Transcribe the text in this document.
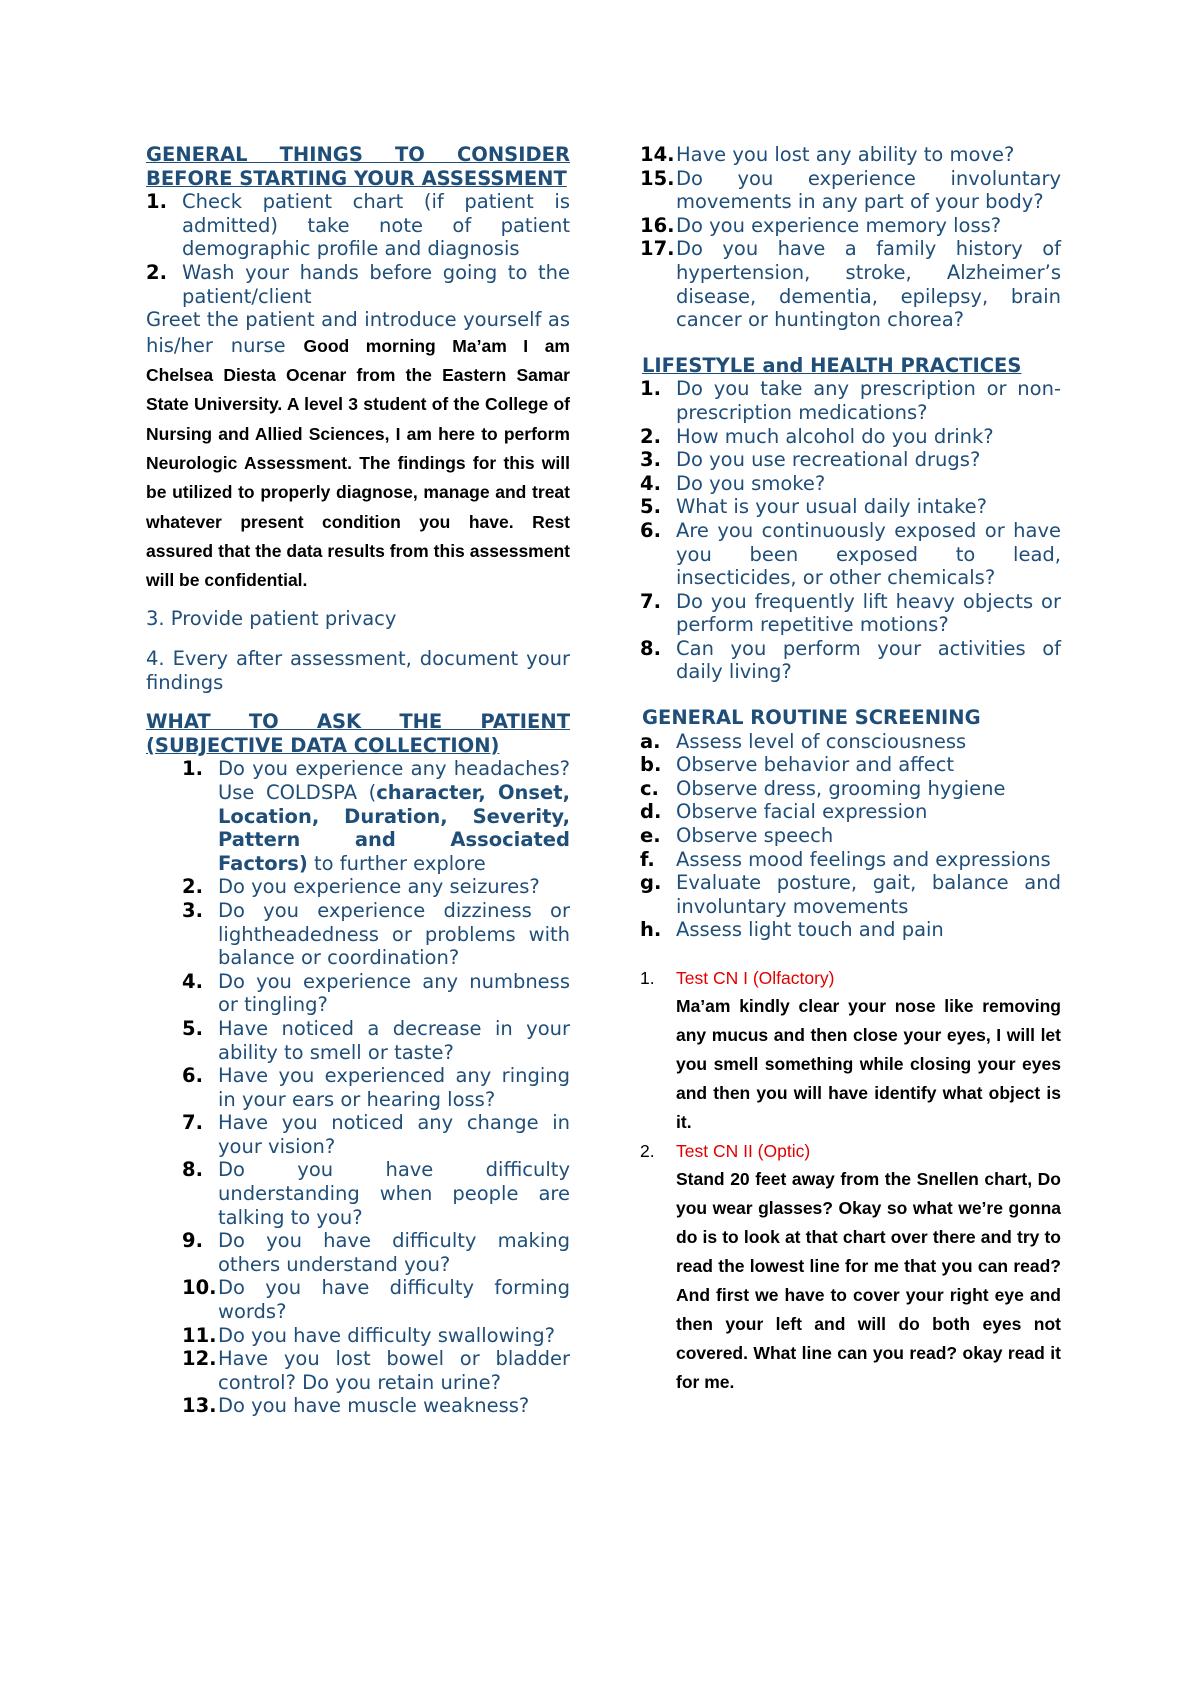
GENERAL THINGS TO CONSIDER BEFORE STARTING YOUR ASSESSMENT
1. Check patient chart (if patient is admitted) take note of patient demographic profile and diagnosis
2. Wash your hands before going to the patient/client
Greet the patient and introduce yourself as his/her nurse Good morning Ma’am I am Chelsea Diesta Ocenar from the Eastern Samar State University. A level 3 student of the College of Nursing and Allied Sciences, I am here to perform Neurologic Assessment. The findings for this will be utilized to properly diagnose, manage and treat whatever present condition you have. Rest assured that the data results from this assessment will be confidential.
3. Provide patient privacy
4. Every after assessment, document your findings
WHAT TO ASK THE PATIENT (SUBJECTIVE DATA COLLECTION)
1. Do you experience any headaches? Use COLDSPA (character, Onset, Location, Duration, Severity, Pattern and Associated Factors) to further explore
2. Do you experience any seizures?
3. Do you experience dizziness or lightheadedness or problems with balance or coordination?
4. Do you experience any numbness or tingling?
5. Have noticed a decrease in your ability to smell or taste?
6. Have you experienced any ringing in your ears or hearing loss?
7. Have you noticed any change in your vision?
8. Do you have difficulty understanding when people are talking to you?
9. Do you have difficulty making others understand you?
10. Do you have difficulty forming words?
11. Do you have difficulty swallowing?
12. Have you lost bowel or bladder control? Do you retain urine?
13. Do you have muscle weakness?
14. Have you lost any ability to move?
15. Do you experience involuntary movements in any part of your body?
16. Do you experience memory loss?
17. Do you have a family history of hypertension, stroke, Alzheimer’s disease, dementia, epilepsy, brain cancer or huntington chorea?
LIFESTYLE and HEALTH PRACTICES
1. Do you take any prescription or non-prescription medications?
2. How much alcohol do you drink?
3. Do you use recreational drugs?
4. Do you smoke?
5. What is your usual daily intake?
6. Are you continuously exposed or have you been exposed to lead, insecticides, or other chemicals?
7. Do you frequently lift heavy objects or perform repetitive motions?
8. Can you perform your activities of daily living?
GENERAL ROUTINE SCREENING
a. Assess level of consciousness
b. Observe behavior and affect
c. Observe dress, grooming hygiene
d. Observe facial expression
e. Observe speech
f. Assess mood feelings and expressions
g. Evaluate posture, gait, balance and involuntary movements
h. Assess light touch and pain
1. Test CN I (Olfactory)
Ma’am kindly clear your nose like removing any mucus and then close your eyes, I will let you smell something while closing your eyes and then you will have identify what object is it.
2. Test CN II (Optic)
Stand 20 feet away from the Snellen chart, Do you wear glasses? Okay so what we’re gonna do is to look at that chart over there and try to read the lowest line for me that you can read? And first we have to cover your right eye and then your left and will do both eyes not covered. What line can you read? okay read it for me.
